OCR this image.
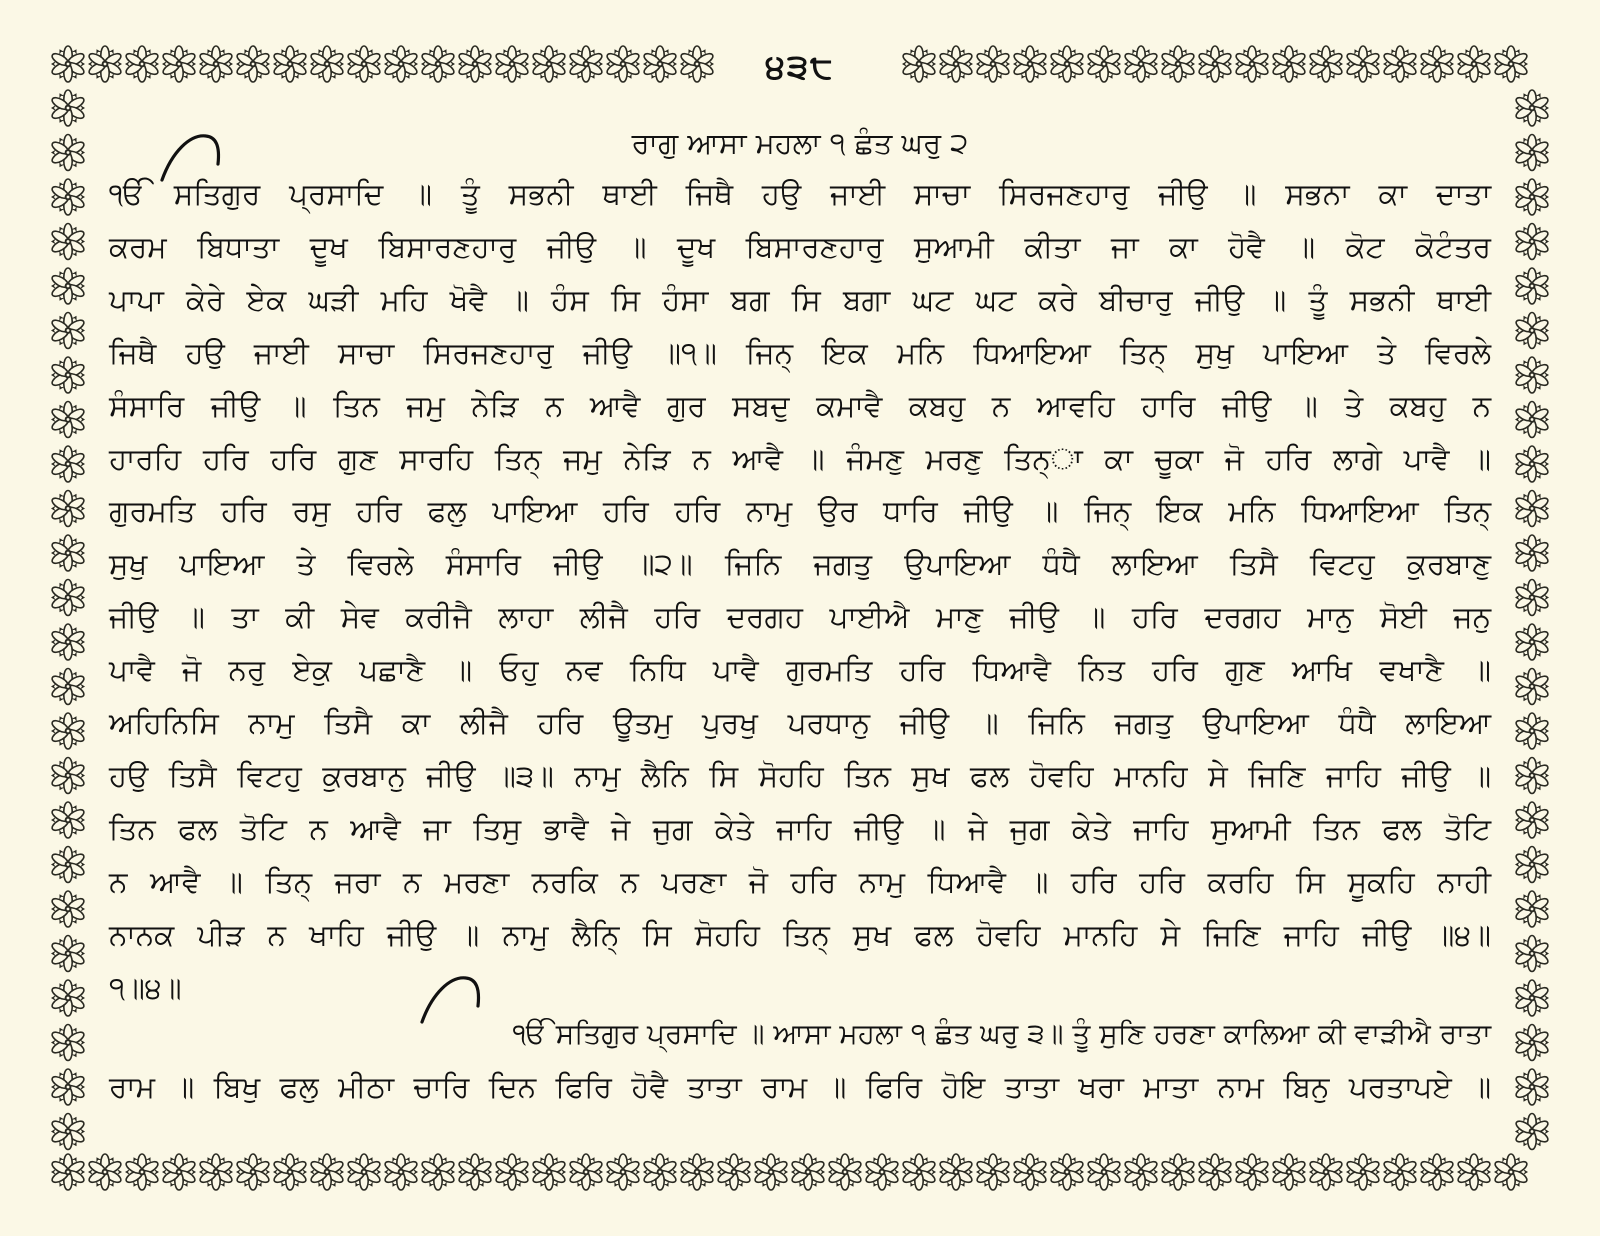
੪੩੮
ਰਾਗੁ ਆਸਾ ਮਹਲਾ ੧ ਛੰਤ ਘਰੁ ੨
ੴ ਸਤਿਗੁਰ ਪ੍ਰਸਾਦਿ ॥ ਤੂੰ ਸਭਨੀ ਥਾਈ ਜਿਥੈ ਹਉ ਜਾਈ ਸਾਚਾ ਸਿਰਜਣਹਾਰੁ ਜੀਉ ॥ ਸਭਨਾ ਕਾ ਦਾਤਾ
ਕਰਮ ਬਿਧਾਤਾ ਦੂਖ ਬਿਸਾਰਣਹਾਰੁ ਜੀਉ ॥ ਦੂਖ ਬਿਸਾਰਣਹਾਰੁ ਸੁਆਮੀ ਕੀਤਾ ਜਾ ਕਾ ਹੋਵੈ ॥ ਕੋਟ ਕੋਟੰਤਰ
ਪਾਪਾ ਕੇਰੇ ਏਕ ਘੜੀ ਮਹਿ ਖੋਵੈ ॥ ਹੰਸ ਸਿ ਹੰਸਾ ਬਗ ਸਿ ਬਗਾ ਘਟ ਘਟ ਕਰੇ ਬੀਚਾਰੁ ਜੀਉ ॥ ਤੂੰ ਸਭਨੀ ਥਾਈ
ਜਿਥੈ ਹਉ ਜਾਈ ਸਾਚਾ ਸਿਰਜਣਹਾਰੁ ਜੀਉ ॥੧॥ ਜਿਨ੍ ਇਕ ਮਨਿ ਧਿਆਇਆ ਤਿਨ੍ ਸੁਖੁ ਪਾਇਆ ਤੇ ਵਿਰਲੇ
ਸੰਸਾਰਿ ਜੀਉ ॥ ਤਿਨ ਜਮੁ ਨੇੜਿ ਨ ਆਵੈ ਗੁਰ ਸਬਦੁ ਕਮਾਵੈ ਕਬਹੁ ਨ ਆਵਹਿ ਹਾਰਿ ਜੀਉ ॥ ਤੇ ਕਬਹੁ ਨ
ਹਾਰਹਿ ਹਰਿ ਹਰਿ ਗੁਣ ਸਾਰਹਿ ਤਿਨ੍ ਜਮੁ ਨੇੜਿ ਨ ਆਵੈ ॥ ਜੰਮਣੁ ਮਰਣੁ ਤਿਨ੍ਾ ਕਾ ਚੂਕਾ ਜੋ ਹਰਿ ਲਾਗੇ ਪਾਵੈ ॥
ਗੁਰਮਤਿ ਹਰਿ ਰਸੁ ਹਰਿ ਫਲੁ ਪਾਇਆ ਹਰਿ ਹਰਿ ਨਾਮੁ ਉਰ ਧਾਰਿ ਜੀਉ ॥ ਜਿਨ੍ ਇਕ ਮਨਿ ਧਿਆਇਆ ਤਿਨ੍
ਸੁਖੁ ਪਾਇਆ ਤੇ ਵਿਰਲੇ ਸੰਸਾਰਿ ਜੀਉ ॥੨॥ ਜਿਨਿ ਜਗਤੁ ਉਪਾਇਆ ਧੰਧੈ ਲਾਇਆ ਤਿਸੈ ਵਿਟਹੁ ਕੁਰਬਾਣੁ
ਜੀਉ ॥ ਤਾ ਕੀ ਸੇਵ ਕਰੀਜੈ ਲਾਹਾ ਲੀਜੈ ਹਰਿ ਦਰਗਹ ਪਾਈਐ ਮਾਣੁ ਜੀਉ ॥ ਹਰਿ ਦਰਗਹ ਮਾਨੁ ਸੋਈ ਜਨੁ
ਪਾਵੈ ਜੋ ਨਰੁ ਏਕੁ ਪਛਾਣੈ ॥ ਓਹੁ ਨਵ ਨਿਧਿ ਪਾਵੈ ਗੁਰਮਤਿ ਹਰਿ ਧਿਆਵੈ ਨਿਤ ਹਰਿ ਗੁਣ ਆਖਿ ਵਖਾਣੈ ॥
ਅਹਿਨਿਸਿ ਨਾਮੁ ਤਿਸੈ ਕਾ ਲੀਜੈ ਹਰਿ ਊਤਮੁ ਪੁਰਖੁ ਪਰਧਾਨੁ ਜੀਉ ॥ ਜਿਨਿ ਜਗਤੁ ਉਪਾਇਆ ਧੰਧੈ ਲਾਇਆ
ਹਉ ਤਿਸੈ ਵਿਟਹੁ ਕੁਰਬਾਨੁ ਜੀਉ ॥੩॥ ਨਾਮੁ ਲੈਨਿ ਸਿ ਸੋਹਹਿ ਤਿਨ ਸੁਖ ਫਲ ਹੋਵਹਿ ਮਾਨਹਿ ਸੇ ਜਿਣਿ ਜਾਹਿ ਜੀਉ ॥
ਤਿਨ ਫਲ ਤੋਟਿ ਨ ਆਵੈ ਜਾ ਤਿਸੁ ਭਾਵੈ ਜੇ ਜੁਗ ਕੇਤੇ ਜਾਹਿ ਜੀਉ ॥ ਜੇ ਜੁਗ ਕੇਤੇ ਜਾਹਿ ਸੁਆਮੀ ਤਿਨ ਫਲ ਤੋਟਿ
ਨ ਆਵੈ ॥ ਤਿਨ੍ ਜਰਾ ਨ ਮਰਣਾ ਨਰਕਿ ਨ ਪਰਣਾ ਜੋ ਹਰਿ ਨਾਮੁ ਧਿਆਵੈ ॥ ਹਰਿ ਹਰਿ ਕਰਹਿ ਸਿ ਸੂਕਹਿ ਨਾਹੀ
ਨਾਨਕ ਪੀੜ ਨ ਖਾਹਿ ਜੀਉ ॥ ਨਾਮੁ ਲੈਨਿ੍ ਸਿ ਸੋਹਹਿ ਤਿਨ੍ ਸੁਖ ਫਲ ਹੋਵਹਿ ਮਾਨਹਿ ਸੇ ਜਿਣਿ ਜਾਹਿ ਜੀਉ ॥੪॥
੧॥੪॥
ੴ ਸਤਿਗੁਰ ਪ੍ਰਸਾਦਿ ॥ ਆਸਾ ਮਹਲਾ ੧ ਛੰਤ ਘਰੁ ੩॥ ਤੂੰ ਸੁਣਿ ਹਰਣਾ ਕਾਲਿਆ ਕੀ ਵਾੜੀਐ ਰਾਤਾ
ਰਾਮ ॥ ਬਿਖੁ ਫਲੁ ਮੀਠਾ ਚਾਰਿ ਦਿਨ ਫਿਰਿ ਹੋਵੈ ਤਾਤਾ ਰਾਮ ॥ ਫਿਰਿ ਹੋਇ ਤਾਤਾ ਖਰਾ ਮਾਤਾ ਨਾਮ ਬਿਨੁ ਪਰਤਾਪਏ ॥
